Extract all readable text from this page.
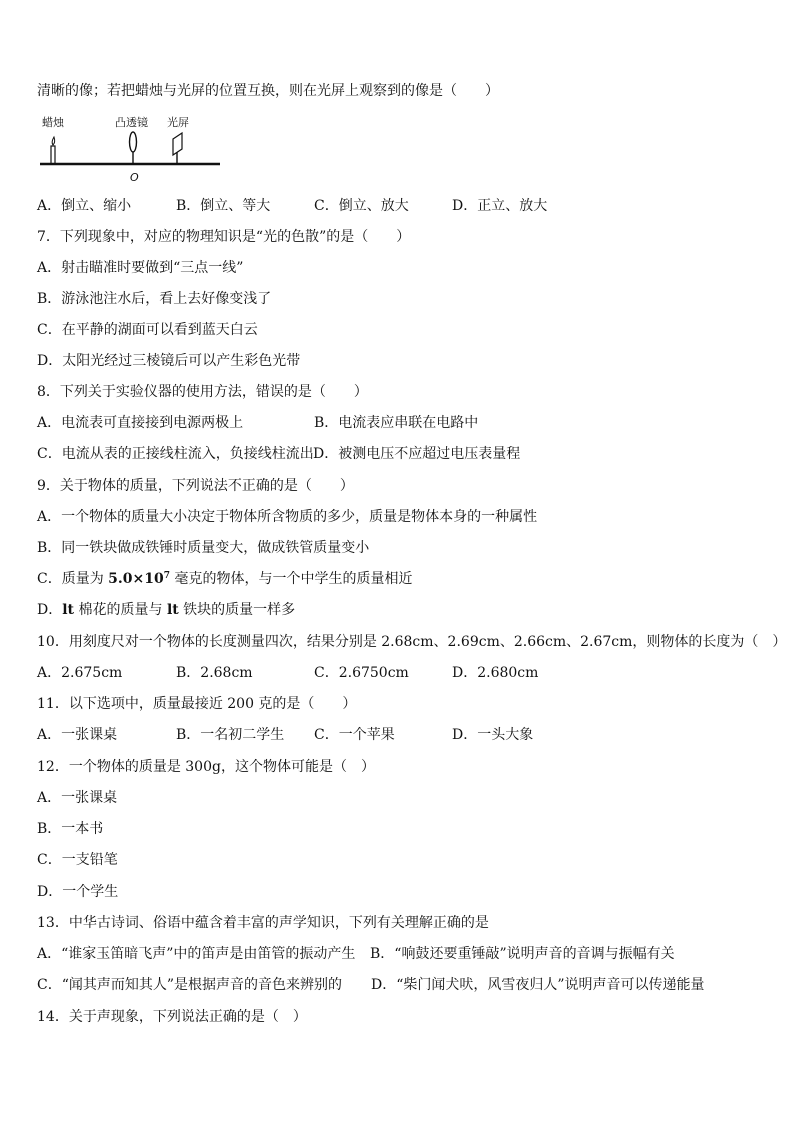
清晰的像；若把蜡烛与光屏的位置互换，则在光屏上观察到的像是（　　）
蜡烛	凸透镜 光屏
O
A．倒立、缩小	B．倒立、等大	C．倒立、放大	D．正立、放大
7．下列现象中，对应的物理知识是“光的色散”的是（　　）
A．射击瞄准时要做到“三点一线”
B．游泳池注水后，看上去好像变浅了
C．在平静的湖面可以看到蓝天白云
D．太阳光经过三棱镜后可以产生彩色光带
8．下列关于实验仪器的使用方法，错误的是（　　）
A．电流表可直接接到电源两极上	B．电流表应串联在电路中
C．电流从表的正接线柱流入，负接线柱流出 D．被测电压不应超过电压表量程
9．关于物体的质量，下列说法不正确的是（　　）
A．一个物体的质量大小决定于物体所含物质的多少，质量是物体本身的一种属性
B．同一铁块做成铁锤时质量变大，做成铁管质量变小
C．质量为 $5.0\times 10^7$ 毫克的物体，与一个中学生的质量相近
D．lt 棉花的质量与 lt 铁块的质量一样多
10．用刻度尺对一个物体的长度测量四次，结果分别是 2.68cm、2.69cm、2.66cm、2.67cm，则物体的长度为（　）
A．2.675cm	B．2.68cm	C．2.6750cm	D．2.680cm
11．以下选项中，质量最接近 200 克的是（　　）
A．一张课桌	B．一名初二学生 C．一个苹果	D．一头大象
12．一个物体的质量是 300g，这个物体可能是（　）
A．一张课桌
B．一本书
C．一支铅笔
D．一个学生
13．中华古诗词、俗语中蕴含着丰富的声学知识，下列有关理解正确的是
A．“谁家玉笛暗飞声”中的笛声是由笛管的振动产生 B．“响鼓还要重锤敲”说明声音的音调与振幅有关
C．“闻其声而知其人”是根据声音的音色来辨别的 D．“柴门闻犬吠，风雪夜归人”说明声音可以传递能量
14．关于声现象，下列说法正确的是（　）
